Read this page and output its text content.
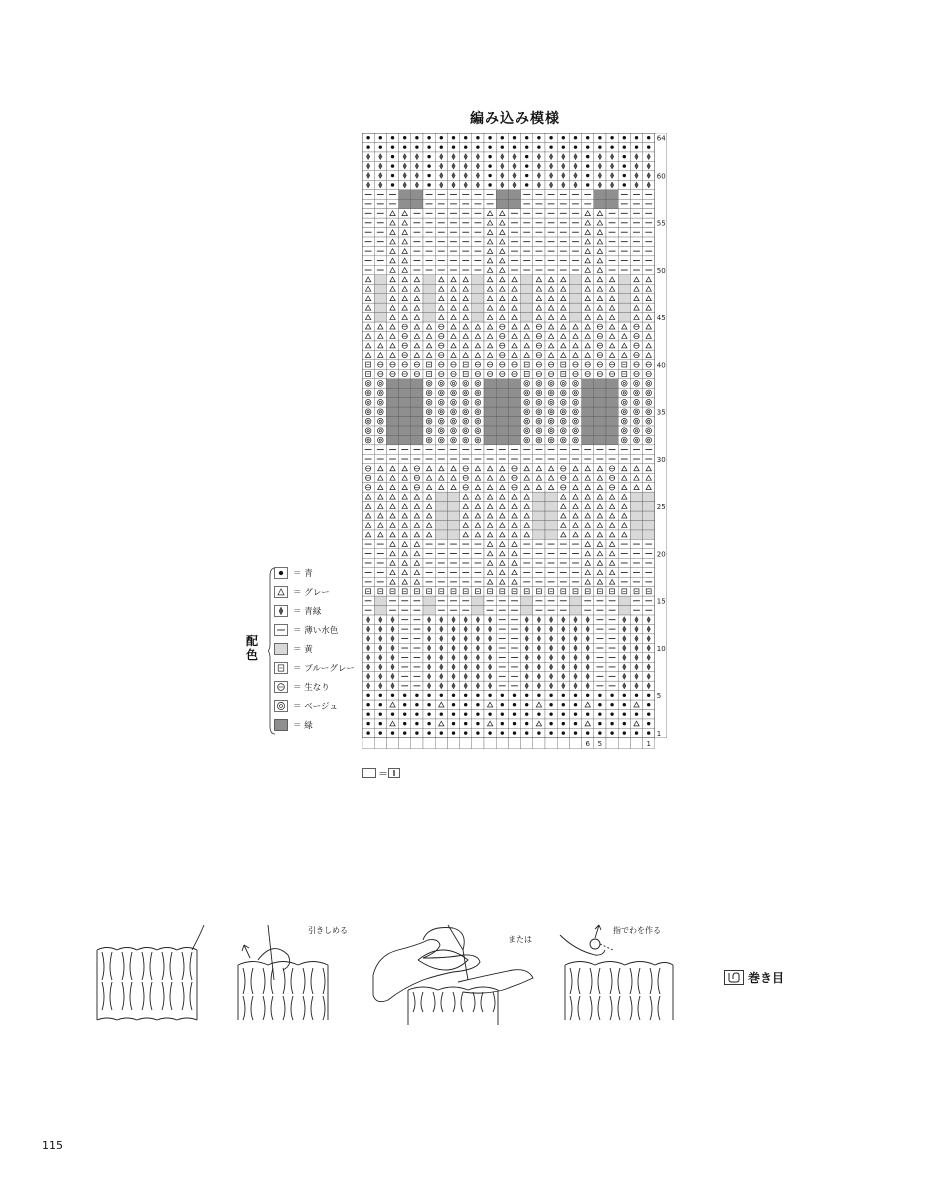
編み込み模様
1
5
10
15
20
25
30
35
40
45
50
55
60
64
6 5	1
配色
＝ 青
＝ グレー
＝ 青緑
＝ 薄い水色
＝ 黄
＝ ブルーグレー
＝ 生なり
＝ ベージュ
＝ 緑
＝
引きしめる
または
指でわを作る
巻き目
115
